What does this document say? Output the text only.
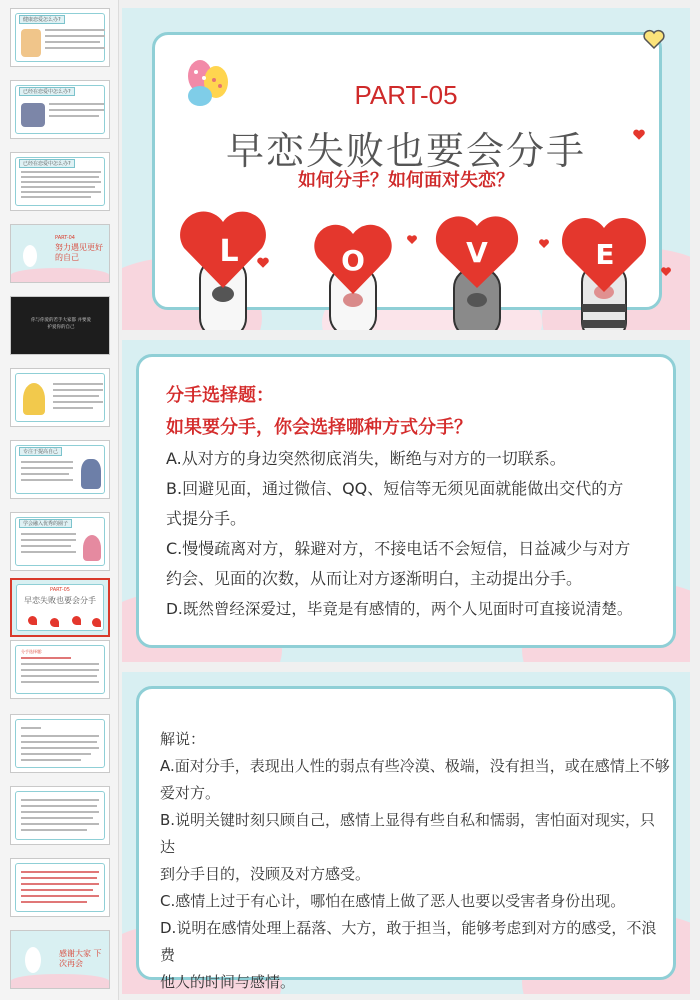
健康恋爱怎么办?
已经在恋爱中怎么办?
已经在恋爱中怎么办?
PART-04
努力遇见更好的自己
你与你爱的若手大家都 并要爱护爱你的自己
专注于提高自己
学会融入优秀的圈子
PART-05
早恋失败也要会分手
分手选择题:
感谢大家 下次再会
PART-05
早恋失败也要会分手
如何分手？如何面对失恋？
L	O	V	E
分手选择题：
如果要分手，你会选择哪种方式分手？
A.从对方的身边突然彻底消失，断绝与对方的一切联系。
B.回避见面，通过微信、QQ、短信等无须见面就能做出交代的方
式提分手。
C.慢慢疏离对方，躲避对方，不接电话不会短信，日益减少与对方
约会、见面的次数，从而让对方逐渐明白，主动提出分手。
D.既然曾经深爱过，毕竟是有感情的，两个人见面时可直接说清楚。
解说：
A.面对分手，表现出人性的弱点有些冷漠、极端，没有担当，或在感情上不够
爱对方。
B.说明关键时刻只顾自己，感情上显得有些自私和懦弱，害怕面对现实，只达
到分手目的，没顾及对方感受。
C.感情上过于有心计，哪怕在感情上做了恶人也要以受害者身份出现。
D.说明在感情处理上磊落、大方，敢于担当，能够考虑到对方的感受，不浪费
他人的时间与感情。
